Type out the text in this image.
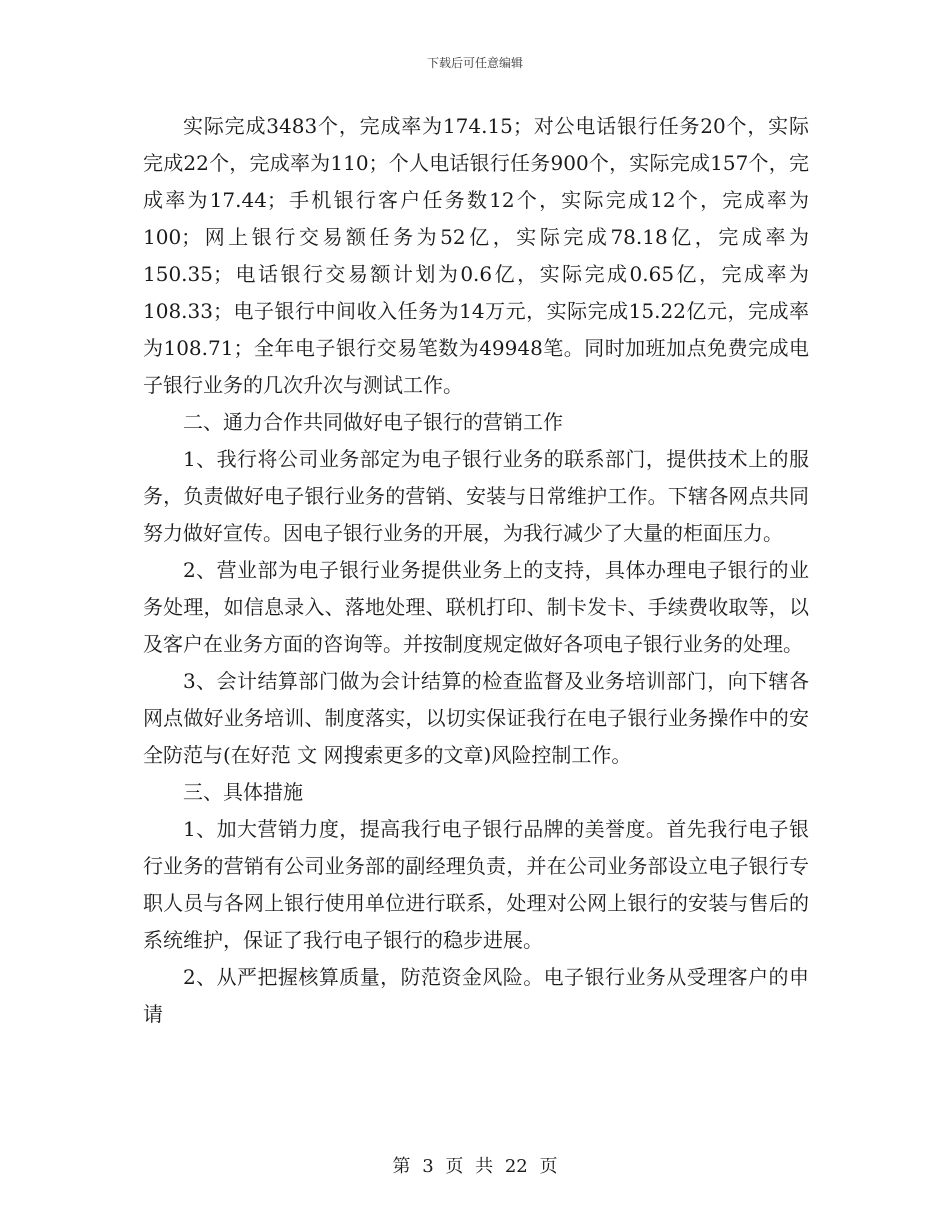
下载后可任意编辑

实际完成3483个，完成率为174.15；对公电话银行任务20个，实际完成22个，完成率为110；个人电话银行任务900个，实际完成157个，完成率为17.44；手机银行客户任务数12个，实际完成12个，完成率为100；网上银行交易额任务为52亿，实际完成78.18亿，完成率为150.35；电话银行交易额计划为0.6亿，实际完成0.65亿，完成率为108.33；电子银行中间收入任务为14万元，实际完成15.22亿元，完成率为108.71；全年电子银行交易笔数为49948笔。同时加班加点免费完成电子银行业务的几次升次与测试工作。

二、通力合作共同做好电子银行的营销工作

1、我行将公司业务部定为电子银行业务的联系部门，提供技术上的服务，负责做好电子银行业务的营销、安装与日常维护工作。下辖各网点共同努力做好宣传。因电子银行业务的开展，为我行减少了大量的柜面压力。

2、营业部为电子银行业务提供业务上的支持，具体办理电子银行的业务处理，如信息录入、落地处理、联机打印、制卡发卡、手续费收取等，以及客户在业务方面的咨询等。并按制度规定做好各项电子银行业务的处理。

3、会计结算部门做为会计结算的检查监督及业务培训部门，向下辖各网点做好业务培训、制度落实，以切实保证我行在电子银行业务操作中的安全防范与(在好范 文 网搜索更多的文章)风险控制工作。

三、具体措施

1、加大营销力度，提高我行电子银行品牌的美誉度。首先我行电子银行业务的营销有公司业务部的副经理负责，并在公司业务部设立电子银行专职人员与各网上银行使用单位进行联系，处理对公网上银行的安装与售后的系统维护，保证了我行电子银行的稳步进展。

2、从严把握核算质量，防范资金风险。电子银行业务从受理客户的申请

第 3 页 共 22 页
